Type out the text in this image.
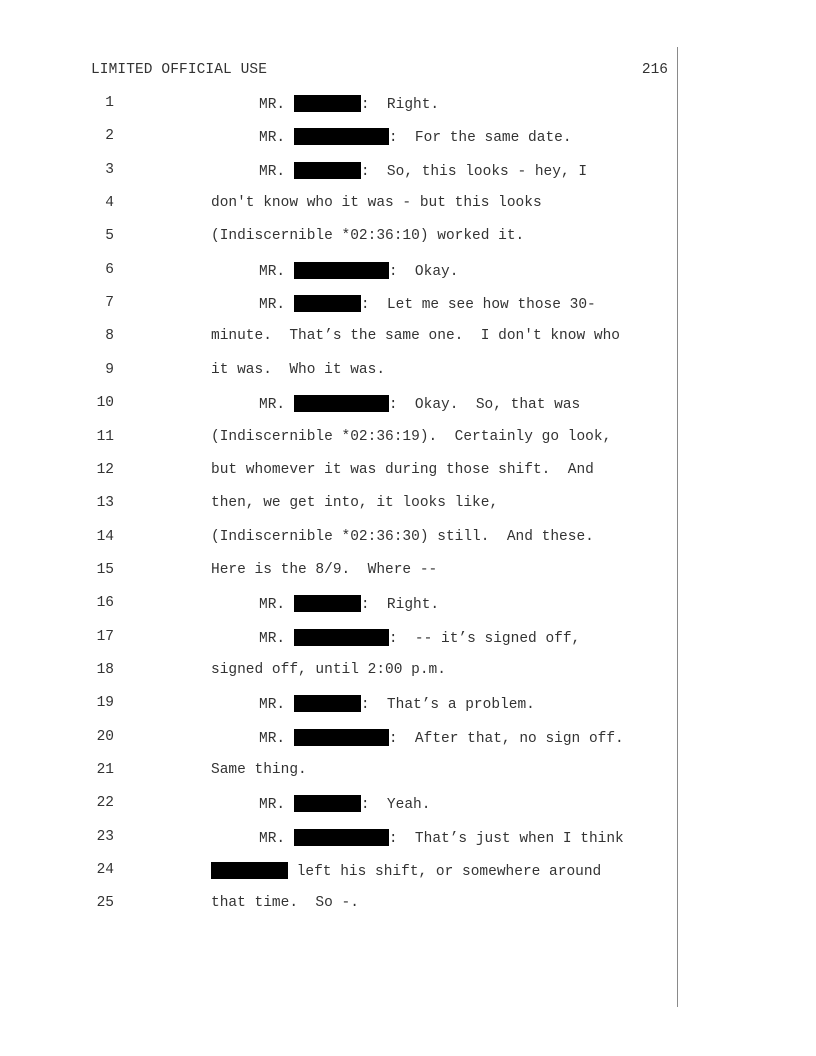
LIMITED OFFICIAL USE	216
1	MR.	:  Right.
2	MR.	:  For the same date.
3	MR.	:  So, this looks - hey, I
4	don't know who it was - but this looks
5	(Indiscernible *02:36:10) worked it.
6	MR.	:  Okay.
7	MR.	:  Let me see how those 30-
8	minute.  That’s the same one.  I don't know who
9	it was.  Who it was.
10	MR.	:  Okay.  So, that was
11	(Indiscernible *02:36:19).  Certainly go look,
12	but whomever it was during those shift.  And
13	then, we get into, it looks like,
14	(Indiscernible *02:36:30) still.  And these.
15	Here is the 8/9.  Where --
16	MR.	:  Right.
17	MR.	:  -- it’s signed off,
18	signed off, until 2:00 p.m.
19	MR.	:  That’s a problem.
20	MR.	:  After that, no sign off.
21	Same thing.
22	MR.	:  Yeah.
23	MR.	:  That’s just when I think
24	left his shift, or somewhere around
25	that time.  So -.
